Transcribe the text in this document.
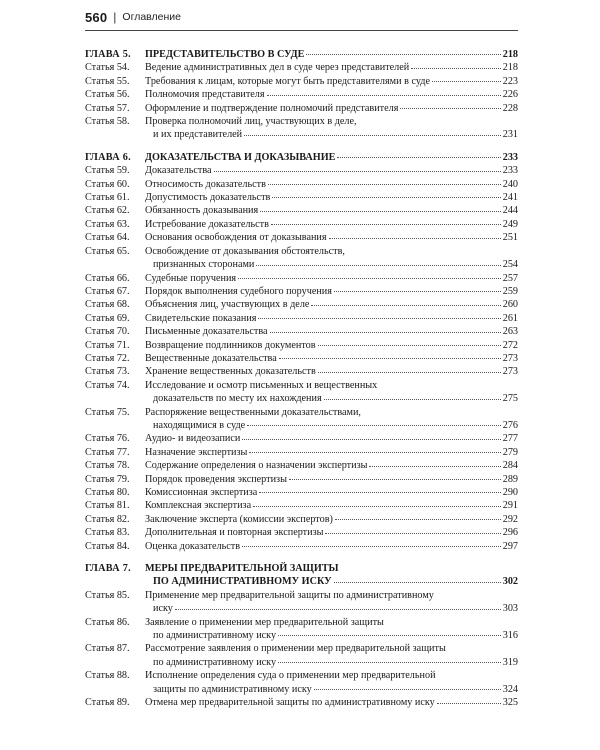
560 | Оглавление
ГЛАВА 5.	ПРЕДСТАВИТЕЛЬСТВО В СУДЕ	218
Статья 54.	Ведение административных дел в суде через представителей	218
Статья 55.	Требования к лицам, которые могут быть представителями в суде	223
Статья 56.	Полномочия представителя	226
Статья 57.	Оформление и подтверждение полномочий представителя	228
Статья 58.	Проверка полномочий лиц, участвующих в деле,
и их представителей	231
ГЛАВА 6.	ДОКАЗАТЕЛЬСТВА И ДОКАЗЫВАНИЕ	233
Статья 59.	Доказательства	233
Статья 60.	Относимость доказательств	240
Статья 61.	Допустимость доказательств	241
Статья 62.	Обязанность доказывания	244
Статья 63.	Истребование доказательств	249
Статья 64.	Основания освобождения от доказывания	251
Статья 65.	Освобождение от доказывания обстоятельств,
признанных сторонами	254
Статья 66.	Судебные поручения	257
Статья 67.	Порядок выполнения судебного поручения	259
Статья 68.	Объяснения лиц, участвующих в деле	260
Статья 69.	Свидетельские показания	261
Статья 70.	Письменные доказательства	263
Статья 71.	Возвращение подлинников документов	272
Статья 72.	Вещественные доказательства	273
Статья 73.	Хранение вещественных доказательств	273
Статья 74.	Исследование и осмотр письменных и вещественных
доказательств по месту их нахождения	275
Статья 75.	Распоряжение вещественными доказательствами,
находящимися в суде	276
Статья 76.	Аудио- и видеозаписи	277
Статья 77.	Назначение экспертизы	279
Статья 78.	Содержание определения о назначении экспертизы	284
Статья 79.	Порядок проведения экспертизы	289
Статья 80.	Комиссионная экспертиза	290
Статья 81.	Комплексная экспертиза	291
Статья 82.	Заключение эксперта (комиссии экспертов)	292
Статья 83.	Дополнительная и повторная экспертизы	296
Статья 84.	Оценка доказательств	297
ГЛАВА 7.	МЕРЫ ПРЕДВАРИТЕЛЬНОЙ ЗАЩИТЫ
ПО АДМИНИСТРАТИВНОМУ ИСКУ	302
Статья 85.	Применение мер предварительной защиты по административному
иску	303
Статья 86.	Заявление о применении мер предварительной защиты
по административному иску	316
Статья 87.	Рассмотрение заявления о применении мер предварительной защиты
по административному иску	319
Статья 88.	Исполнение определения суда о применении мер предварительной
защиты по административному иску	324
Статья 89.	Отмена мер предварительной защиты по административному иску	325
